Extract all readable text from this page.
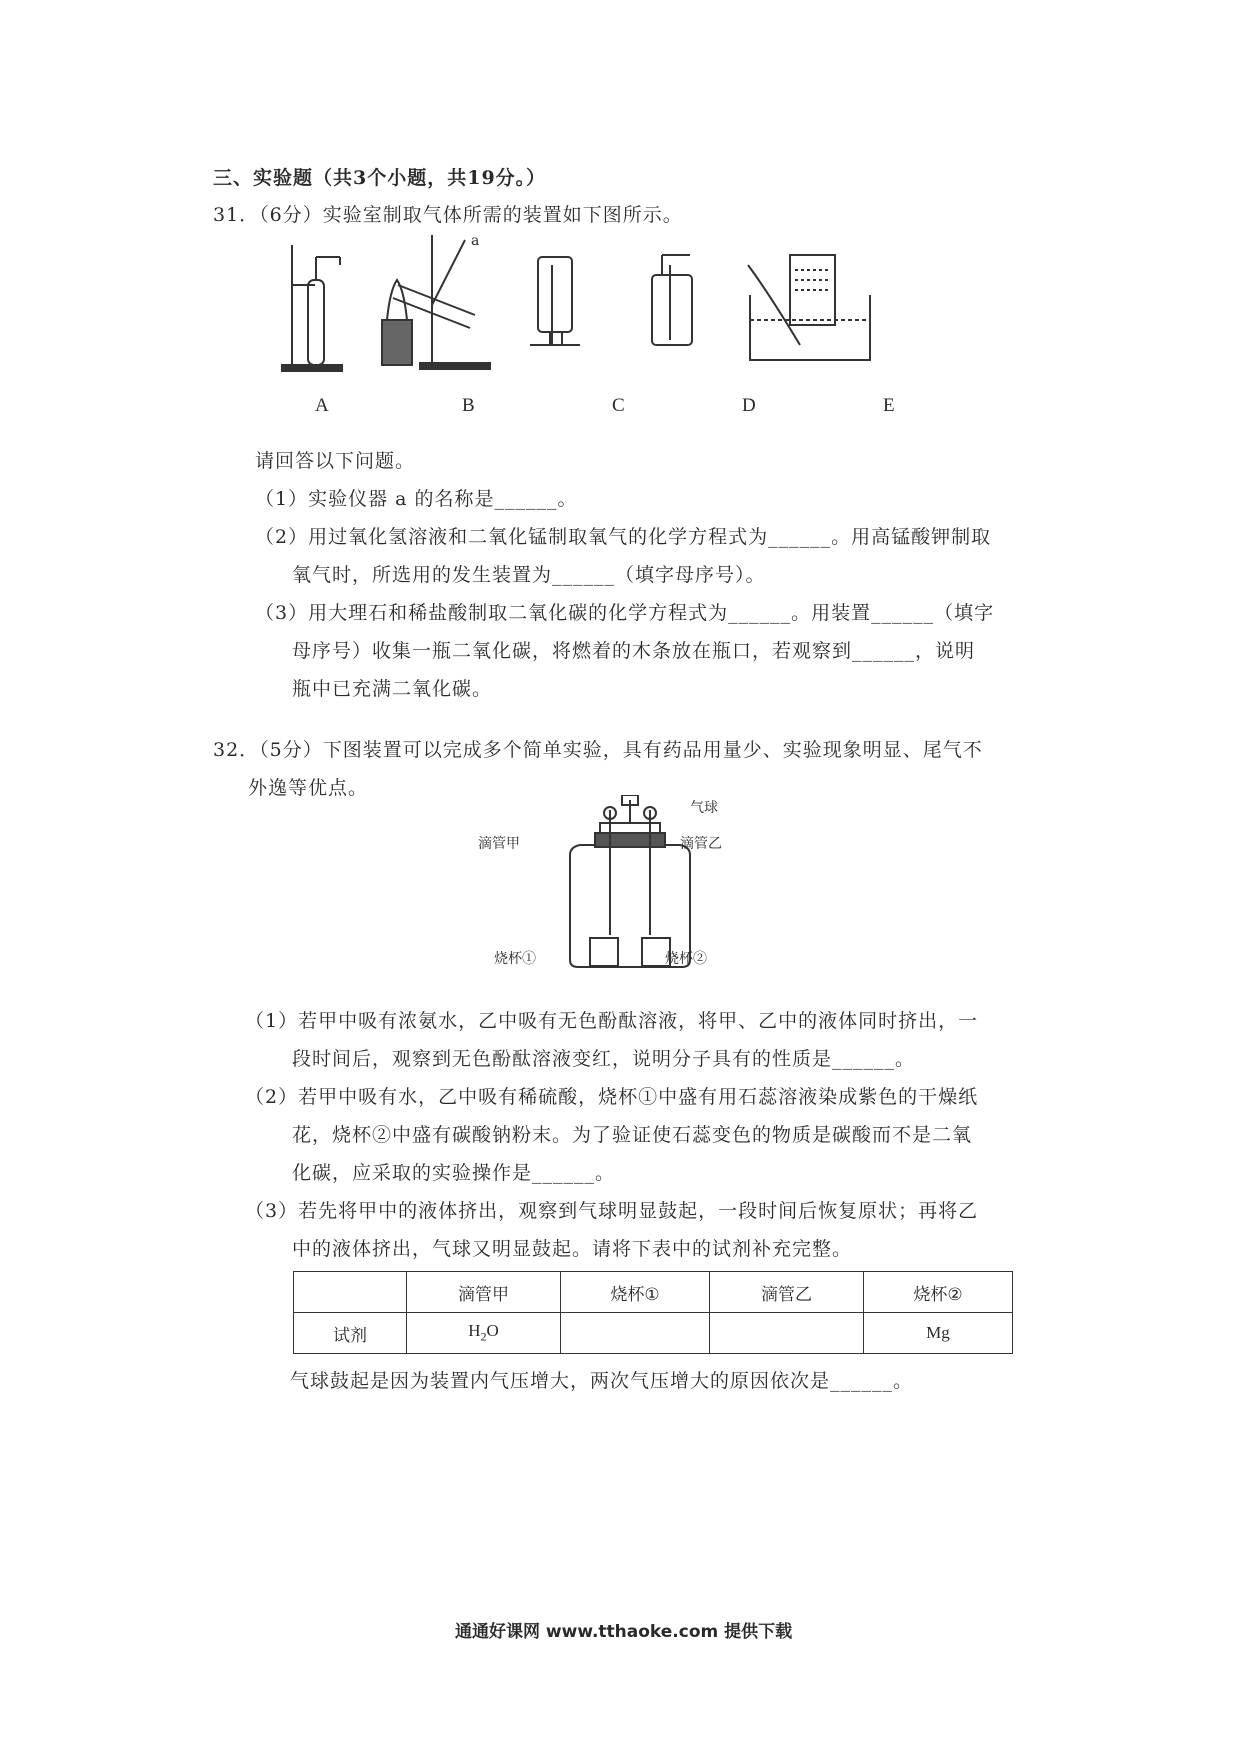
三、实验题（共3个小题，共19分。）
31．（6分）实验室制取气体所需的装置如下图所示。
a
A	B	C	D	E
请回答以下问题。
（1）实验仪器 a 的名称是______。
（2）用过氧化氢溶液和二氧化锰制取氧气的化学方程式为______。用高锰酸钾制取
氧气时，所选用的发生装置为______（填字母序号）。
（3）用大理石和稀盐酸制取二氧化碳的化学方程式为______。用装置______（填字
母序号）收集一瓶二氧化碳，将燃着的木条放在瓶口，若观察到______，说明
瓶中已充满二氧化碳。
32．（5分）下图装置可以完成多个简单实验，具有药品用量少、实验现象明显、尾气不
外逸等优点。
气球
滴管甲	滴管乙
烧杯①	烧杯②
（1）若甲中吸有浓氨水，乙中吸有无色酚酞溶液，将甲、乙中的液体同时挤出，一
段时间后，观察到无色酚酞溶液变红，说明分子具有的性质是______。
（2）若甲中吸有水，乙中吸有稀硫酸，烧杯①中盛有用石蕊溶液染成紫色的干燥纸
花，烧杯②中盛有碳酸钠粉末。为了验证使石蕊变色的物质是碳酸而不是二氧
化碳，应采取的实验操作是______。
（3）若先将甲中的液体挤出，观察到气球明显鼓起，一段时间后恢复原状；再将乙
中的液体挤出，气球又明显鼓起。请将下表中的试剂补充完整。
	滴管甲	烧杯①	滴管乙	烧杯②
试剂	$H_2O$			Mg
气球鼓起是因为装置内气压增大，两次气压增大的原因依次是______。
通通好课网 www.tthaoke.com 提供下载
